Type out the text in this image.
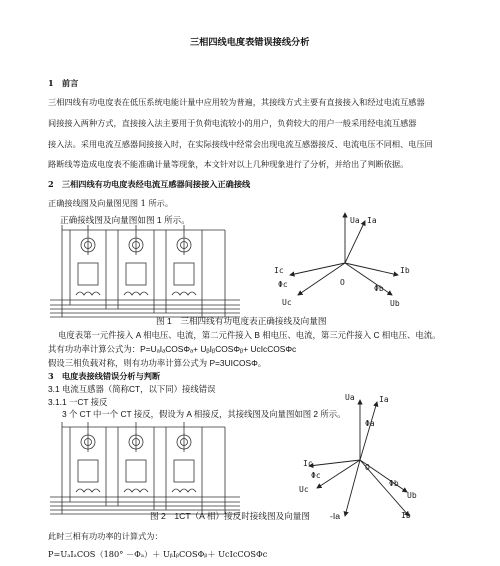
三相四线电度表错误接线分析
1　前言
三相四线有功电度表在低压系统电能计量中应用较为普遍，其接线方式主要有直接接入和经过电流互感器
间接接入两种方式，直接接入法主要用于负荷电流较小的用户，负荷较大的用户一般采用经电流互感器
接入法。采用电流互感器间接接入时，在实际接线中经常会出现电流互感器接反、电流电压不同相、电压回
路断线等造成电度表不能准确计量等现象，本文针对以上几种现象进行了分析，并给出了判断依据。
2　三相四线有功电度表经电流互感器间接接入正确接线
正确接线图及向量图见图 1 所示。
正确接线图及向量图如图 1 所示。	Ua Ia
Ic
Φc	O
Φb
Uc	Ub
Ib
图 1　三相四线有功电度表正确接线及向量图
电度表第一元件接入 A 相电压、电流，第二元件接入 B 相电压、电流，第三元件接入 C 相电压、电流。
其有功功率计算公式为：P=UₐIₐCOSΦₐ+ UᵦIᵦCOSΦᵦ+ UcIcCOSΦc
假设三相负载对称，则有功功率计算公式为 P=3UICOSΦ。
3　电度表接线错误分析与判断
3.1 电流互感器（简称CT，以下同）接线错误
3.1.1 一CT 接反
3 个 CT 中一个 CT 接反，假设为 A 相接反，其接线图及向量图如图 2 所示。
Ua	Ia
Φa
Ic
Φc
O
Uc
Φb
Ub
Ib
图 2　1CT（A 相）接反时接线图及向量图 -Ia
此时三相有功功率的计算式为：
P=UₐIₐCOS（180° －Φₐ）＋ UᵦIᵦCOSΦᵦ＋ UcIcCOSΦc
